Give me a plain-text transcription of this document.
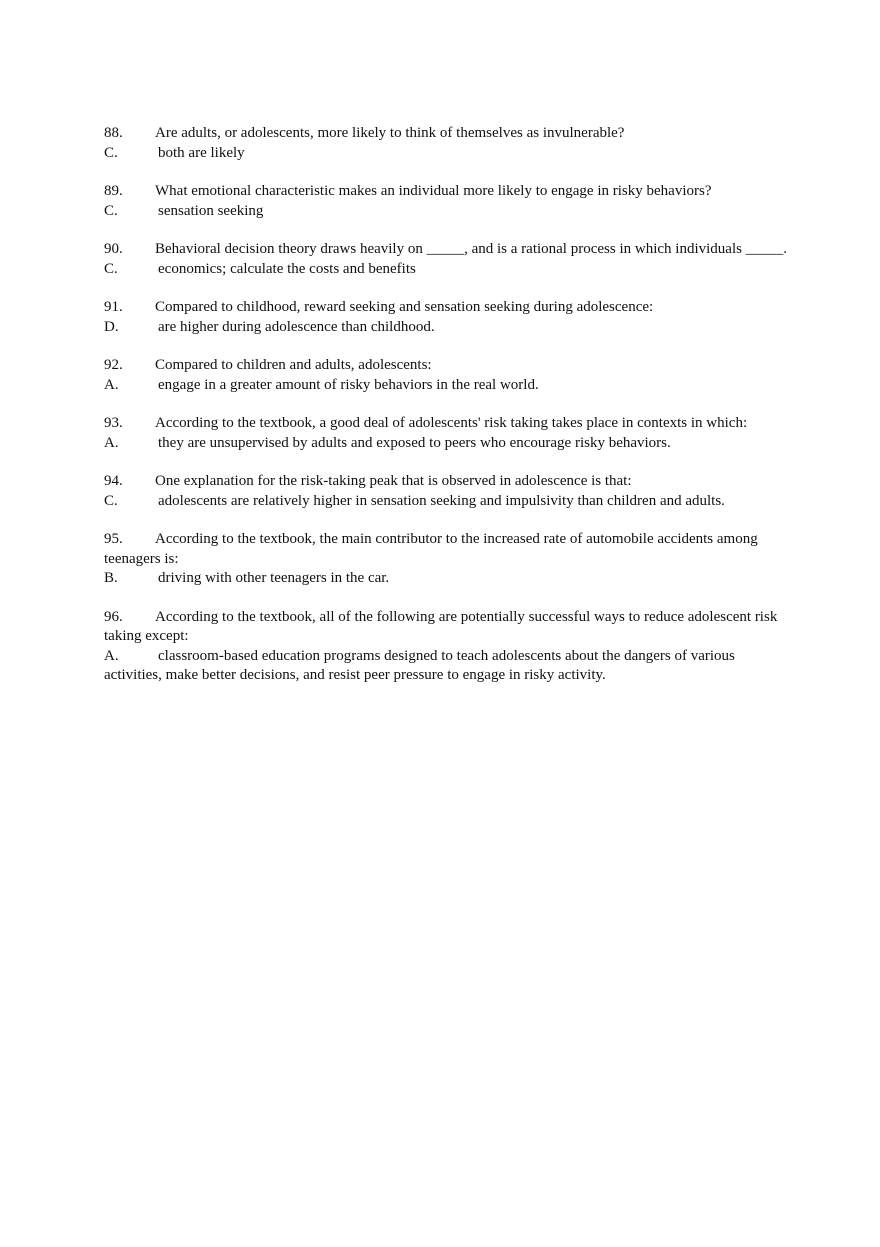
88. Are adults, or adolescents, more likely to think of themselves as invulnerable?
C.	both are likely
89. What emotional characteristic makes an individual more likely to engage in risky behaviors?
C.	sensation seeking
90. Behavioral decision theory draws heavily on _____, and is a rational process in which individuals _____.
C.	economics; calculate the costs and benefits
91. Compared to childhood, reward seeking and sensation seeking during adolescence:
D.	are higher during adolescence than childhood.
92. Compared to children and adults, adolescents:
A.	engage in a greater amount of risky behaviors in the real world.
93. According to the textbook, a good deal of adolescents' risk taking takes place in contexts in which:
A.	they are unsupervised by adults and exposed to peers who encourage risky behaviors.
94. One explanation for the risk-taking peak that is observed in adolescence is that:
C.	adolescents are relatively higher in sensation seeking and impulsivity than children and adults.
95. According to the textbook, the main contributor to the increased rate of automobile accidents among teenagers is:
B.	driving with other teenagers in the car.
96. According to the textbook, all of the following are potentially successful ways to reduce adolescent risk taking except:
A.	classroom-based education programs designed to teach adolescents about the dangers of various activities, make better decisions, and resist peer pressure to engage in risky activity.
